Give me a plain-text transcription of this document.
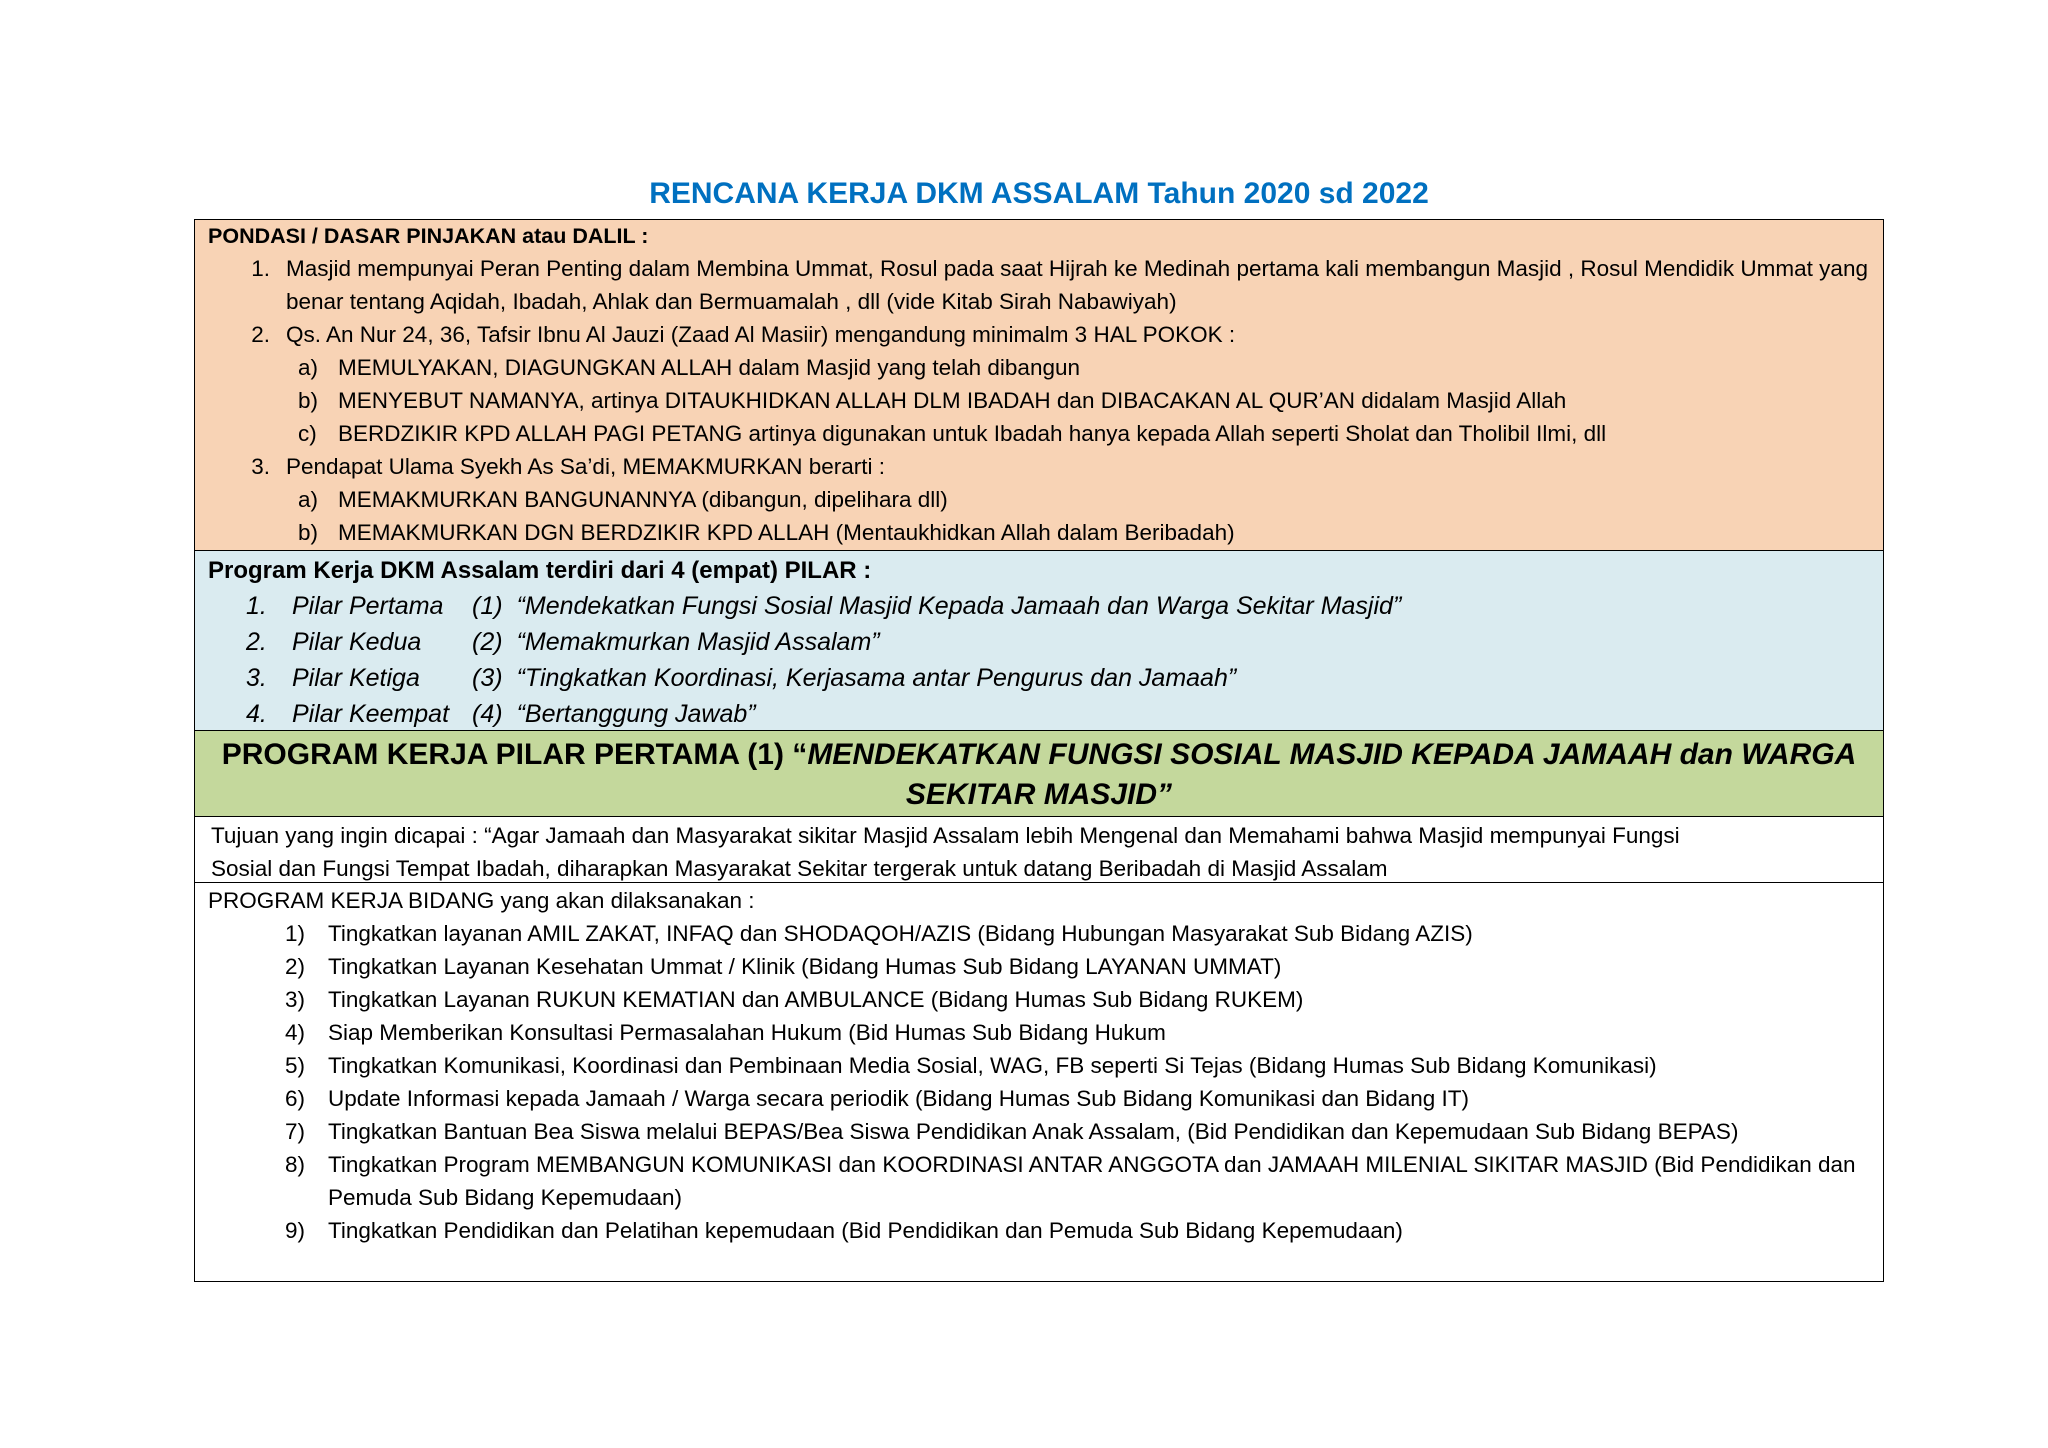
RENCANA KERJA DKM ASSALAM Tahun 2020 sd 2022
PONDASI / DASAR PINJAKAN atau DALIL :
1. Masjid mempunyai Peran Penting dalam Membina Ummat, Rosul pada saat Hijrah ke Medinah pertama kali membangun Masjid , Rosul Mendidik Ummat yang benar tentang Aqidah, Ibadah, Ahlak dan Bermuamalah , dll (vide Kitab Sirah Nabawiyah)
2. Qs. An Nur 24, 36, Tafsir Ibnu Al Jauzi (Zaad Al Masiir) mengandung minimalm 3 HAL POKOK :
a) MEMULYAKAN, DIAGUNGKAN ALLAH dalam Masjid yang telah dibangun
b) MENYEBUT NAMANYA, artinya DITAUKHIDKAN ALLAH DLM IBADAH dan DIBACAKAN AL QUR’AN didalam Masjid Allah
c) BERDZIKIR KPD ALLAH PAGI PETANG artinya digunakan untuk Ibadah hanya kepada Allah seperti Sholat dan Tholibil Ilmi, dll
3. Pendapat Ulama Syekh As Sa’di, MEMAKMURKAN berarti :
a) MEMAKMURKAN BANGUNANNYA (dibangun, dipelihara dll)
b) MEMAKMURKAN DGN BERDZIKIR KPD ALLAH (Mentaukhidkan Allah dalam Beribadah)
Program Kerja DKM Assalam terdiri dari 4 (empat) PILAR :
1.	Pilar Pertama	(1) “Mendekatkan Fungsi Sosial Masjid Kepada Jamaah dan Warga Sekitar Masjid”
2.	Pilar Kedua	(2) “Memakmurkan Masjid Assalam”
3.	Pilar Ketiga	(3) “Tingkatkan Koordinasi, Kerjasama antar Pengurus dan Jamaah”
4.	Pilar Keempat (4) “Bertanggung Jawab”
PROGRAM KERJA PILAR PERTAMA (1) “MENDEKATKAN FUNGSI SOSIAL MASJID KEPADA JAMAAH dan WARGA SEKITAR MASJID”
Tujuan yang ingin dicapai : “Agar Jamaah dan Masyarakat sikitar Masjid Assalam lebih Mengenal dan Memahami bahwa Masjid mempunyai Fungsi
Sosial dan Fungsi Tempat Ibadah, diharapkan Masyarakat Sekitar tergerak untuk datang Beribadah di Masjid Assalam
PROGRAM KERJA BIDANG yang akan dilaksanakan :
1)	Tingkatkan layanan AMIL ZAKAT, INFAQ dan SHODAQOH/AZIS (Bidang Hubungan Masyarakat Sub Bidang AZIS)
2)	Tingkatkan Layanan Kesehatan Ummat / Klinik (Bidang Humas Sub Bidang LAYANAN UMMAT)
3)	Tingkatkan Layanan RUKUN KEMATIAN dan AMBULANCE (Bidang Humas Sub Bidang RUKEM)
4)	Siap Memberikan Konsultasi Permasalahan Hukum (Bid Humas Sub Bidang Hukum
5)	Tingkatkan Komunikasi, Koordinasi dan Pembinaan Media Sosial, WAG, FB seperti Si Tejas (Bidang Humas Sub Bidang Komunikasi)
6)	Update Informasi kepada Jamaah / Warga secara periodik (Bidang Humas Sub Bidang Komunikasi dan Bidang IT)
7)	Tingkatkan Bantuan Bea Siswa melalui BEPAS/Bea Siswa Pendidikan Anak Assalam, (Bid Pendidikan dan Kepemudaan Sub Bidang BEPAS)
8)	Tingkatkan Program MEMBANGUN KOMUNIKASI dan KOORDINASI ANTAR ANGGOTA dan JAMAAH MILENIAL SIKITAR MASJID (Bid Pendidikan dan Pemuda Sub Bidang Kepemudaan)
9)	Tingkatkan Pendidikan dan Pelatihan kepemudaan (Bid Pendidikan dan Pemuda Sub Bidang Kepemudaan)
